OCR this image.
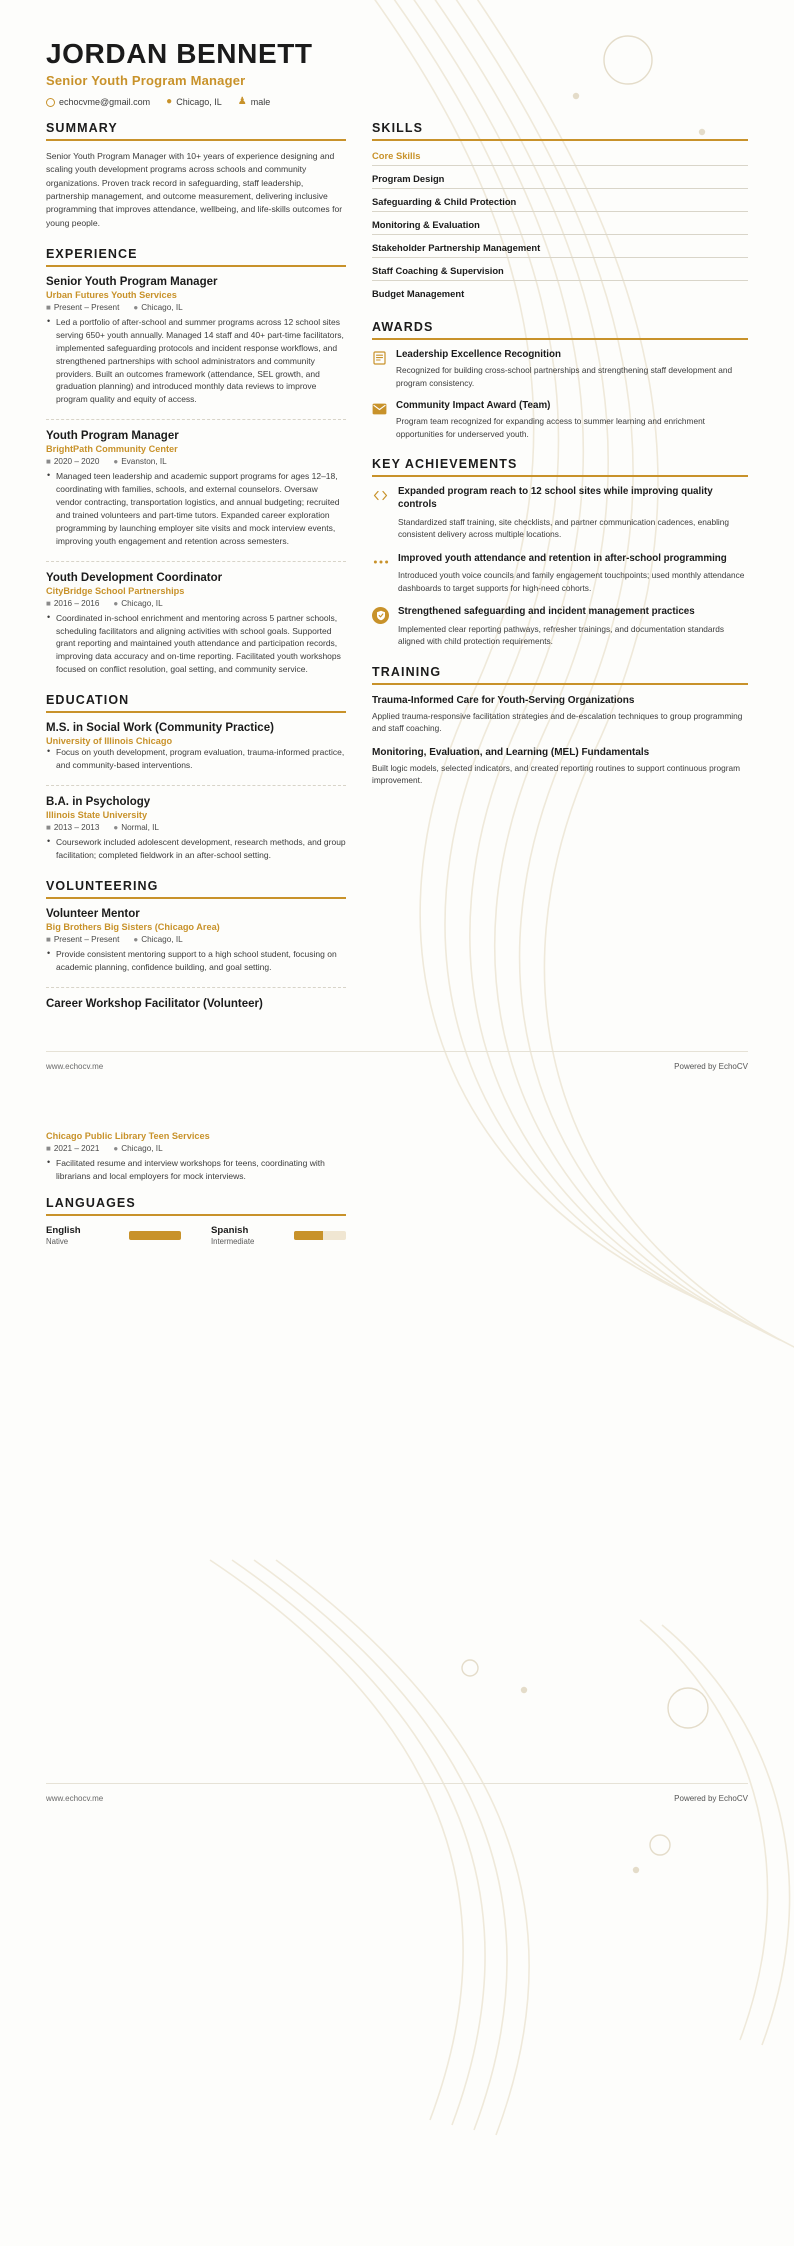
JORDAN BENNETT
Senior Youth Program Manager
echocvme@gmail.com ● Chicago, IL ♟ male
SUMMARY
Senior Youth Program Manager with 10+ years of experience designing and scaling youth development programs across schools and community organizations. Proven track record in safeguarding, staff leadership, partnership management, and outcome measurement, delivering inclusive programming that improves attendance, wellbeing, and life-skills outcomes for young people.
EXPERIENCE
Senior Youth Program Manager
Urban Futures Youth Services
■ Present – Present ● Chicago, IL
• Led a portfolio of after-school and summer programs across 12 school sites serving 650+ youth annually. Managed 14 staff and 40+ part-time facilitators, implemented safeguarding protocols and incident response workflows, and strengthened partnerships with school administrators and community providers. Built an outcomes framework (attendance, SEL growth, and graduation planning) and introduced monthly data reviews to improve program quality and equity of access.
Youth Program Manager
BrightPath Community Center
■ 2020 – 2020 ● Evanston, IL
• Managed teen leadership and academic support programs for ages 12–18, coordinating with families, schools, and external counselors. Oversaw vendor contracting, transportation logistics, and annual budgeting; recruited and trained volunteers and part-time tutors. Expanded career exploration programming by launching employer site visits and mock interview events, improving youth engagement and retention across semesters.
Youth Development Coordinator
CityBridge School Partnerships
■ 2016 – 2016 ● Chicago, IL
• Coordinated in-school enrichment and mentoring across 5 partner schools, scheduling facilitators and aligning activities with school goals. Supported grant reporting and maintained youth attendance and participation records, improving data accuracy and on-time reporting. Facilitated youth workshops focused on conflict resolution, goal setting, and community service.
EDUCATION
M.S. in Social Work (Community Practice)
University of Illinois Chicago
• Focus on youth development, program evaluation, trauma-informed practice, and community-based interventions.
B.A. in Psychology
Illinois State University
■ 2013 – 2013 ● Normal, IL
• Coursework included adolescent development, research methods, and group facilitation; completed fieldwork in an after-school setting.
VOLUNTEERING
Volunteer Mentor
Big Brothers Big Sisters (Chicago Area)
■ Present – Present ● Chicago, IL
• Provide consistent mentoring support to a high school student, focusing on academic planning, confidence building, and goal setting.
Career Workshop Facilitator (Volunteer)
SKILLS
Core Skills
Program Design
Safeguarding & Child Protection
Monitoring & Evaluation
Stakeholder Partnership Management
Staff Coaching & Supervision
Budget Management
AWARDS
Leadership Excellence Recognition
Recognized for building cross-school partnerships and strengthening staff development and program consistency.
Community Impact Award (Team)
Program team recognized for expanding access to summer learning and enrichment opportunities for underserved youth.
KEY ACHIEVEMENTS
Expanded program reach to 12 school sites while improving quality controls
Standardized staff training, site checklists, and partner communication cadences, enabling consistent delivery across multiple locations.
Improved youth attendance and retention in after-school programming
Introduced youth voice councils and family engagement touchpoints; used monthly attendance dashboards to target supports for high-need cohorts.
Strengthened safeguarding and incident management practices
Implemented clear reporting pathways, refresher trainings, and documentation standards aligned with child protection requirements.
TRAINING
Trauma-Informed Care for Youth-Serving Organizations
Applied trauma-responsive facilitation strategies and de-escalation techniques to group programming and staff coaching.
Monitoring, Evaluation, and Learning (MEL) Fundamentals
Built logic models, selected indicators, and created reporting routines to support continuous program improvement.
www.echocv.me	Powered by EchoCV
Chicago Public Library Teen Services
■ 2021 – 2021 ● Chicago, IL
• Facilitated resume and interview workshops for teens, coordinating with librarians and local employers for mock interviews.
LANGUAGES
English
Native
Spanish
Intermediate
www.echocv.me	Powered by EchoCV
